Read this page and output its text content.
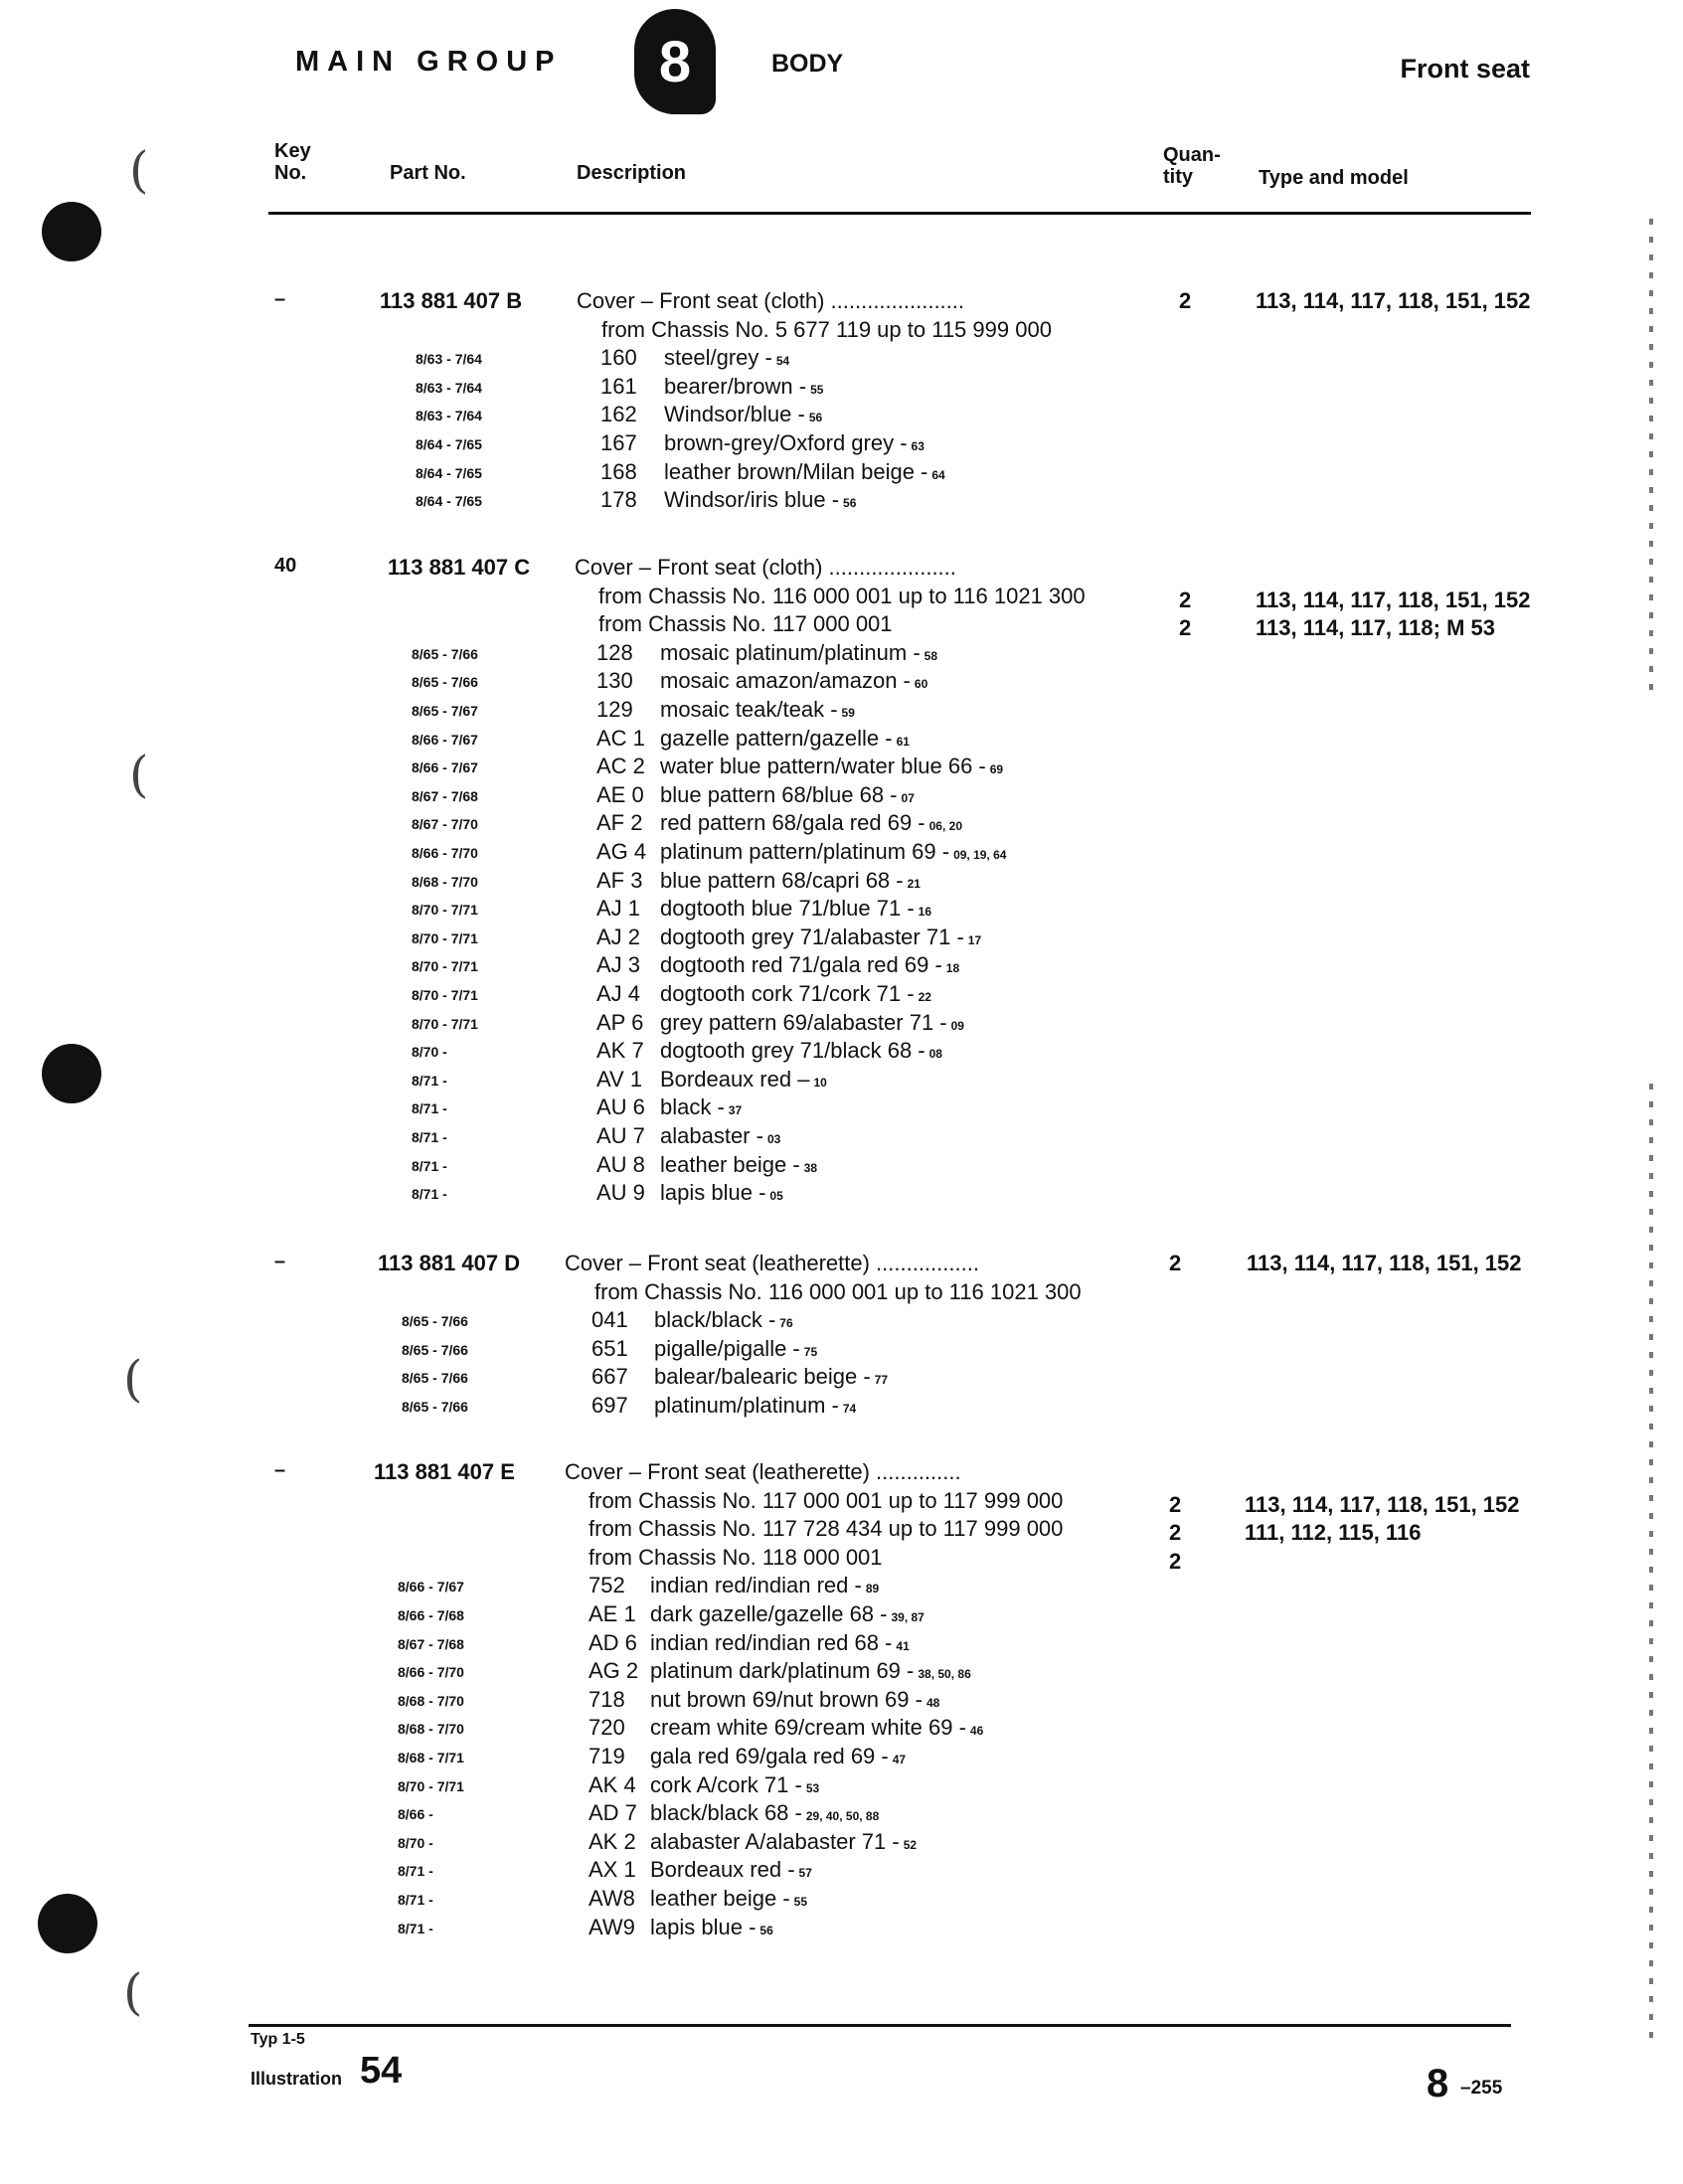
MAIN GROUP	8	BODY	Front seat
Key
No.	Part No.	Description
Quan-
tity	Type and model
–	113 881 407 B Cover – Front seat (cloth) ......................	2	113, 114, 117, 118, 151, 152
from Chassis No. 5 677 119 up to 115 999 000
8/63 - 7/64	160 steel/grey - 54
8/63 - 7/64	161 bearer/brown - 55
8/63 - 7/64	162 Windsor/blue - 56
8/64 - 7/65	167 brown-grey/Oxford grey - 63
8/64 - 7/65	168 leather brown/Milan beige - 64
8/64 - 7/65	178 Windsor/iris blue - 56
40	113 881 407 C Cover – Front seat (cloth) .....................
from Chassis No. 116 000 001 up to 116 1021 300	2	113, 114, 117, 118, 151, 152
from Chassis No. 117 000 001	2	113, 114, 117, 118; M 53
8/65 - 7/66	128 mosaic platinum/platinum - 58
8/65 - 7/66	130 mosaic amazon/amazon - 60
8/65 - 7/67	129 mosaic teak/teak - 59
8/66 - 7/67	AC 1 gazelle pattern/gazelle - 61
8/66 - 7/67	AC 2 water blue pattern/water blue 66 - 69
8/67 - 7/68	AE 0 blue pattern 68/blue 68 - 07
8/67 - 7/70	AF 2 red pattern 68/gala red 69 - 06, 20
8/66 - 7/70	AG 4 platinum pattern/platinum 69 - 09, 19, 64
8/68 - 7/70	AF 3 blue pattern 68/capri 68 - 21
8/70 - 7/71	AJ 1 dogtooth blue 71/blue 71 - 16
8/70 - 7/71	AJ 2 dogtooth grey 71/alabaster 71 - 17
8/70 - 7/71	AJ 3 dogtooth red 71/gala red 69 - 18
8/70 - 7/71	AJ 4 dogtooth cork 71/cork 71 - 22
8/70 - 7/71	AP 6 grey pattern 69/alabaster 71 - 09
8/70 -	AK 7 dogtooth grey 71/black 68 - 08
8/71 -	AV 1 Bordeaux red – 10
8/71 -	AU 6 black - 37
8/71 -	AU 7 alabaster - 03
8/71 -	AU 8 leather beige - 38
8/71 -	AU 9 lapis blue - 05
–	113 881 407 D Cover – Front seat (leatherette) .................	2	113, 114, 117, 118, 151, 152
from Chassis No. 116 000 001 up to 116 1021 300
8/65 - 7/66	041 black/black - 76
8/65 - 7/66	651 pigalle/pigalle - 75
8/65 - 7/66	667 balear/balearic beige - 77
8/65 - 7/66	697 platinum/platinum - 74
–	113 881 407 E Cover – Front seat (leatherette) ..............
from Chassis No. 117 000 001 up to 117 999 000	2	113, 114, 117, 118, 151, 152
from Chassis No. 117 728 434 up to 117 999 000	2	111, 112, 115, 116
from Chassis No. 118 000 001	2
8/66 - 7/67	752 indian red/indian red - 89
8/66 - 7/68	AE 1 dark gazelle/gazelle 68 - 39, 87
8/67 - 7/68	AD 6 indian red/indian red 68 - 41
8/66 - 7/70	AG 2 platinum dark/platinum 69 - 38, 50, 86
8/68 - 7/70	718 nut brown 69/nut brown 69 - 48
8/68 - 7/70	720 cream white 69/cream white 69 - 46
8/68 - 7/71	719 gala red 69/gala red 69 - 47
8/70 - 7/71	AK 4 cork A/cork 71 - 53
8/66 -	AD 7 black/black 68 - 29, 40, 50, 88
8/70 -	AK 2 alabaster A/alabaster 71 - 52
8/71 -	AX 1 Bordeaux red - 57
8/71 -	AW8 leather beige - 55
8/71 -	AW9 lapis blue - 56
Typ 1-5
Illustration 54	8 –255
(
(
(
(
